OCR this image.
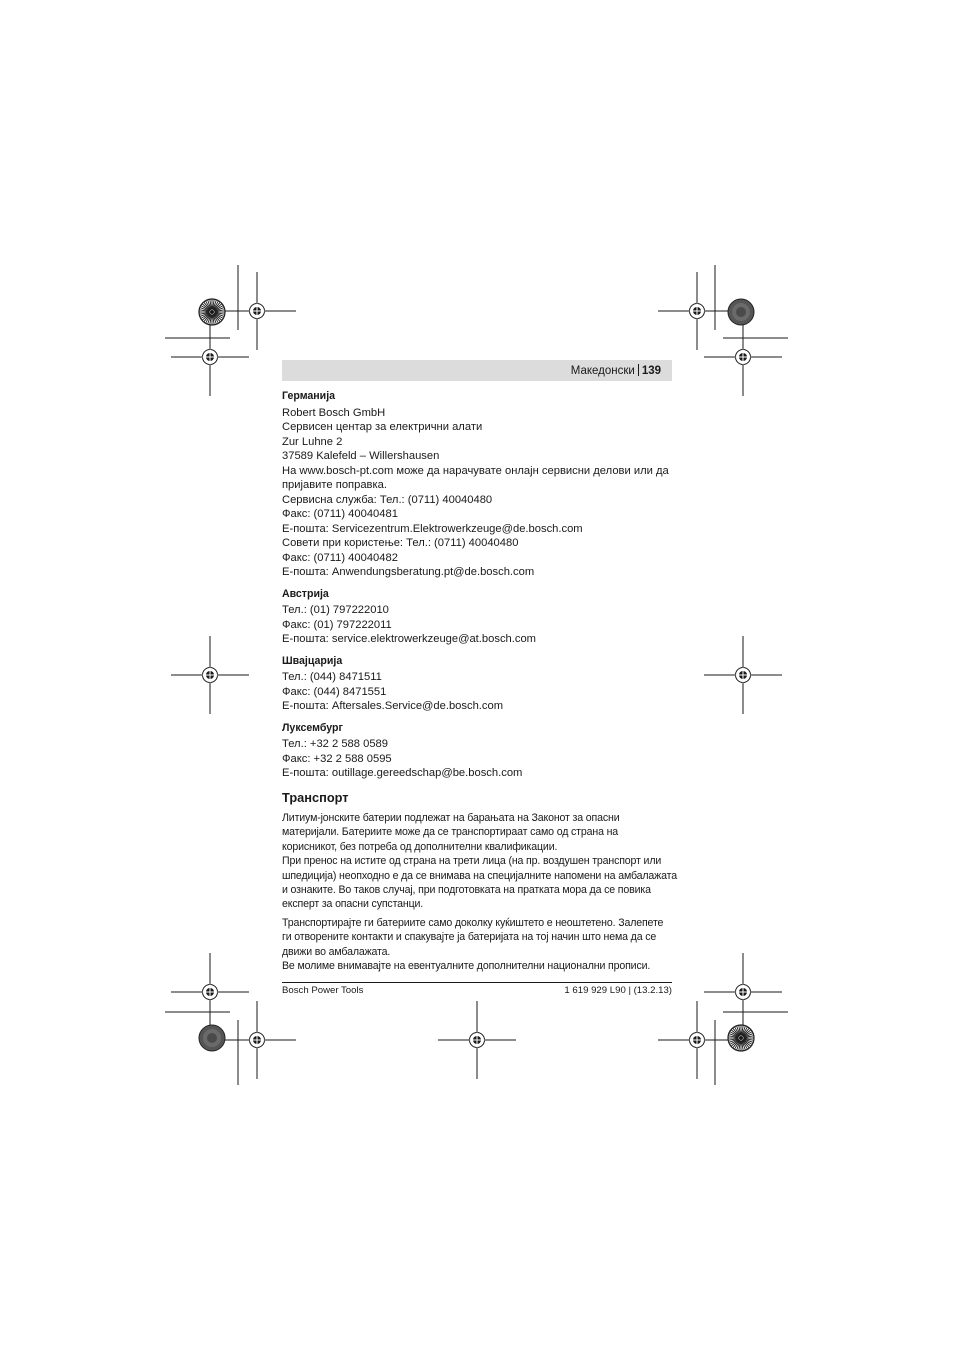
Македонски 139
Германија
Robert Bosch GmbH
Сервисен центар за електрични алати
Zur Luhne 2
37589 Kalefeld – Willershausen
На www.bosch-pt.com може да нарачувате онлајн сервисни делови или да
пријавите поправка.
Сервисна служба: Тел.: (0711) 40040480
Факс: (0711) 40040481
E-пошта: Servicezentrum.Elektrowerkzeuge@de.bosch.com
Совети при користење: Тел.: (0711) 40040480
Факс: (0711) 40040482
E-пошта: Anwendungsberatung.pt@de.bosch.com
Австрија
Тел.: (01) 797222010
Факс: (01) 797222011
E-пошта: service.elektrowerkzeuge@at.bosch.com
Швајцарија
Тел.: (044) 8471511
Факс: (044) 8471551
E-пошта: Aftersales.Service@de.bosch.com
Луксембург
Тел.: +32 2 588 0589
Факс: +32 2 588 0595
E-пошта: outillage.gereedschap@be.bosch.com
Транспорт
Литиум-јонските батерии подлежат на барањата на Законот за опасни
материјали. Батериите може да се транспортираат само од страна на
корисникот, без потреба од дополнителни квалификации.
При пренос на истите од страна на трети лица (на пр. воздушен транспорт или
шпедиција) неопходно е да се внимава на специјалните напомени на амбалажата
и ознаките. Во таков случај, при подготовката на пратката мора да се повика
експерт за опасни супстанци.
Транспортирајте ги батериите само доколку куќиштето е неоштетено. Залепете
ги отворените контакти и спакувајте ја батеријата на тој начин што нема да се
движи во амбалажата.
Ве молиме внимавајте на евентуалните дополнителни национални прописи.
Bosch Power Tools	1 619 929 L90 | (13.2.13)
